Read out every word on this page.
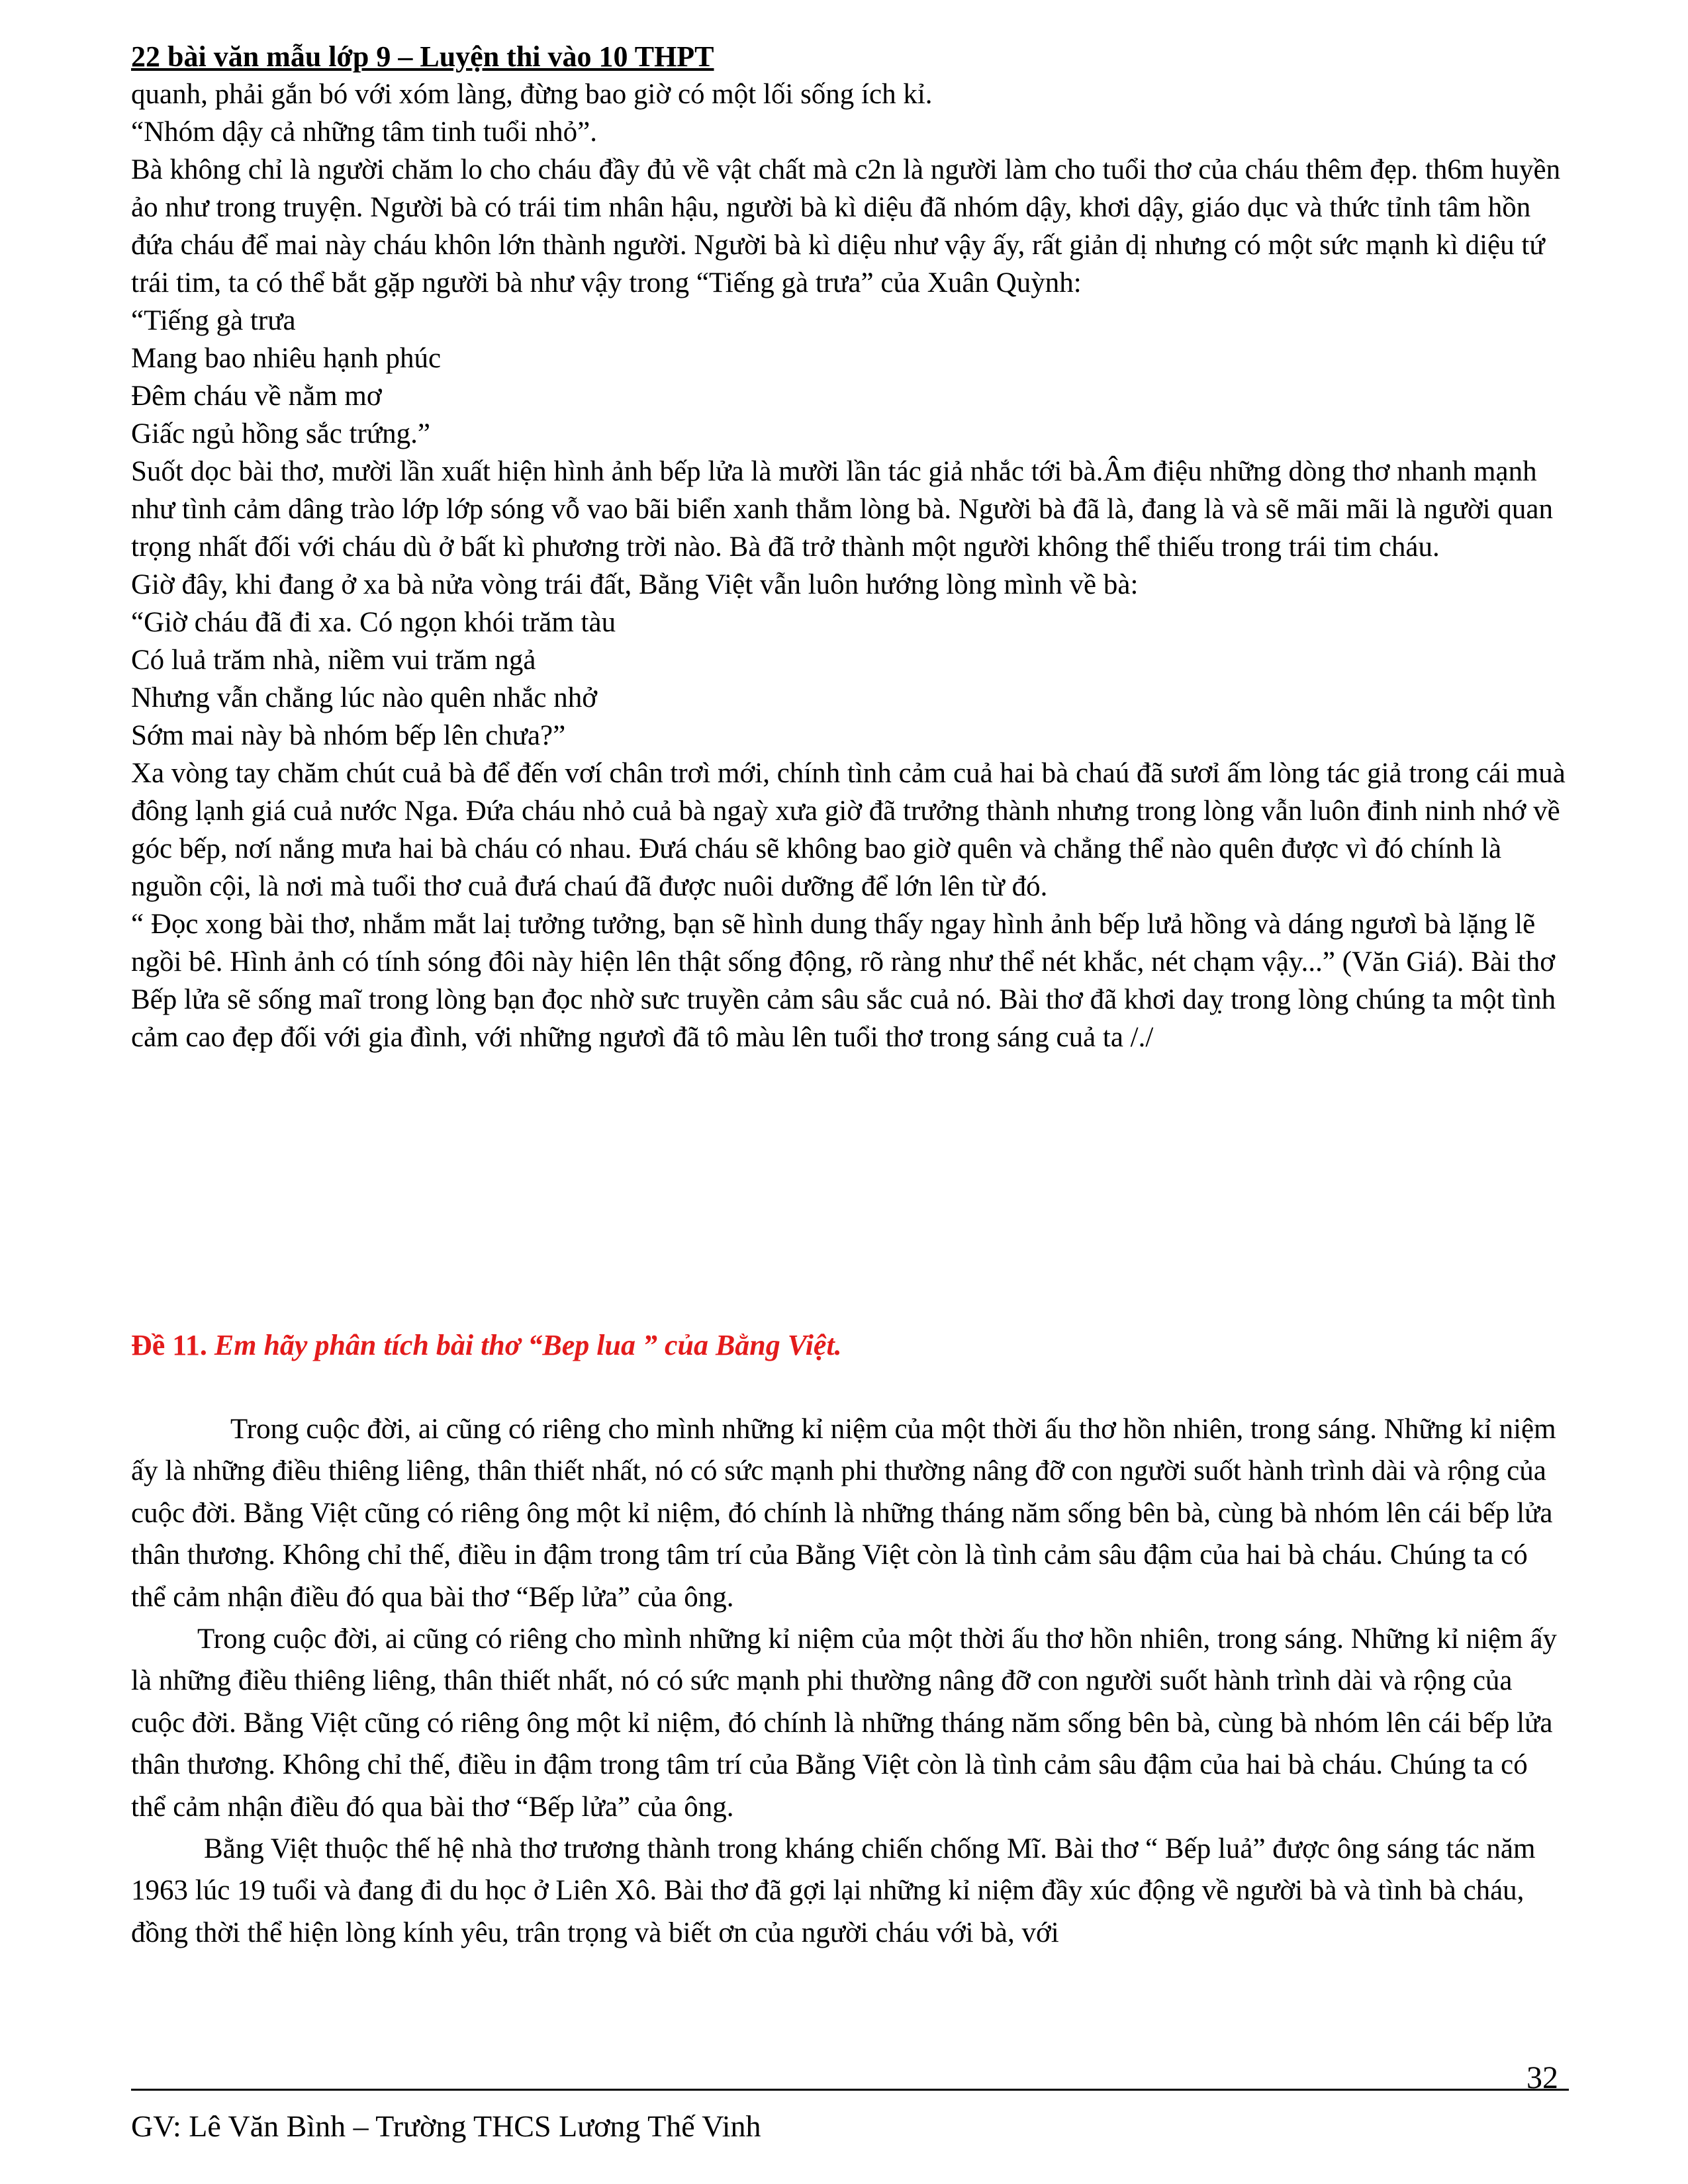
22 bài văn mẫu lớp 9 – Luyện thi vào 10 THPT

quanh, phải gắn bó với xóm làng, đừng bao giờ có một lối sống ích kỉ.

“Nhóm dậy cả những tâm tinh tuổi nhỏ”.

Bà không chỉ là người chăm lo cho cháu đầy đủ về vật chất mà c2n là người làm cho tuổi thơ của cháu thêm đẹp. th6m huyền ảo như trong truyện. Người bà có trái tim nhân hậu, người bà kì diệu đã nhóm dậy, khơi dậy, giáo dục và thức tỉnh tâm hồn đứa cháu để mai này cháu khôn lớn thành người. Người bà kì diệu như vậy ấy, rất giản dị nhưng có một sức mạnh kì diệu tứ trái tim, ta có thể bắt gặp người bà như vậy trong “Tiếng gà trưa” của Xuân Quỳnh:

“Tiếng gà trưa

Mang bao nhiêu hạnh phúc

Đêm cháu về nằm mơ

Giấc ngủ hồng sắc trứng.”

Suốt dọc bài thơ, mười lần xuất hiện hình ảnh bếp lửa là mười lần tác giả nhắc tới bà.Âm điệu những dòng thơ nhanh mạnh như tình cảm dâng trào lớp lớp sóng vỗ vao bãi biển xanh thẳm lòng bà. Người bà đã là, đang là và sẽ mãi mãi là người quan trọng nhất đối với cháu dù ở bất kì phương trời nào. Bà đã trở thành một người không thể thiếu trong trái tim cháu.

Giờ đây, khi đang ở xa bà nửa vòng trái đất, Bằng Việt vẫn luôn hướng lòng mình về bà:

“Giờ cháu đã đi xa. Có ngọn khói trăm tàu

Có luả trăm nhà, niềm vui trăm ngả

Nhưng vẫn chẳng lúc nào quên nhắc nhở

Sớm mai này bà nhóm bếp lên chưa?”

Xa vòng tay chăm chút cuả bà để đến vơí chân trơì mới, chính tình cảm cuả hai bà chaú đã sươỉ ấm lòng tác giả trong cái muà đông lạnh giá cuả nước Nga. Đứa cháu nhỏ cuả bà ngaỳ xưa giờ đã trưởng thành nhưng trong lòng vẫn luôn đinh ninh nhớ về góc bếp, nơí nắng mưa hai bà cháu có nhau. Đưá cháu sẽ không bao giờ quên và chẳng thể nào quên được vì đó chính là nguồn cội, là nơi mà tuổi thơ cuả đưá chaú đã được nuôi dưỡng để lớn lên từ đó.

“ Đọc xong bài thơ, nhắm mắt laị tưởng tưởng, bạn sẽ hình dung thấy ngay hình ảnh bếp lưả hồng và dáng ngươì bà lặng lẽ ngồi bê. Hình ảnh có tính sóng đôi này hiện lên thật sống động, rõ ràng như thể nét khắc, nét chạm vậy...” (Văn Giá). Bài thơ Bếp lửa sẽ sống maĩ trong lòng bạn đọc nhờ sưc truyền cảm sâu sắc cuả nó. Bài thơ đã khơi daỵ trong lòng chúng ta một tình cảm cao đẹp đối với gia đình, với những ngươì đã tô màu lên tuổi thơ trong sáng cuả ta /./

Đề 11. Em hãy phân tích bài thơ “Bep lua ” của Bằng Việt.

Trong cuộc đời, ai cũng có riêng cho mình những kỉ niệm của một thời ấu thơ hồn nhiên, trong sáng. Những kỉ niệm ấy là những điều thiêng liêng, thân thiết nhất, nó có sức mạnh phi thường nâng đỡ con người suốt hành trình dài và rộng của cuộc đời. Bằng Việt cũng có riêng ông một kỉ niệm, đó chính là những tháng năm sống bên bà, cùng bà nhóm lên cái bếp lửa thân thương. Không chỉ thế, điều in đậm trong tâm trí của Bằng Việt còn là tình cảm sâu đậm của hai bà cháu. Chúng ta có thể cảm nhận điều đó qua bài thơ “Bếp lửa” của ông.

Trong cuộc đời, ai cũng có riêng cho mình những kỉ niệm của một thời ấu thơ hồn nhiên, trong sáng. Những kỉ niệm ấy là những điều thiêng liêng, thân thiết nhất, nó có sức mạnh phi thường nâng đỡ con người suốt hành trình dài và rộng của cuộc đời. Bằng Việt cũng có riêng ông một kỉ niệm, đó chính là những tháng năm sống bên bà, cùng bà nhóm lên cái bếp lửa thân thương. Không chỉ thế, điều in đậm trong tâm trí của Bằng Việt còn là tình cảm sâu đậm của hai bà cháu. Chúng ta có thể cảm nhận điều đó qua bài thơ “Bếp lửa” của ông.

Bằng Việt thuộc thế hệ nhà thơ trương thành trong kháng chiến chống Mĩ. Bài thơ “ Bếp luả” được ông sáng tác năm 1963 lúc 19 tuổi và đang đi du học ở Liên Xô. Bài thơ đã gợi lại những kỉ niệm đầy xúc động về người bà và tình bà cháu, đồng thời thể hiện lòng kính yêu, trân trọng và biết ơn của người cháu với bà, với

32
GV: Lê Văn Bình – Trường THCS Lương Thế Vinh
